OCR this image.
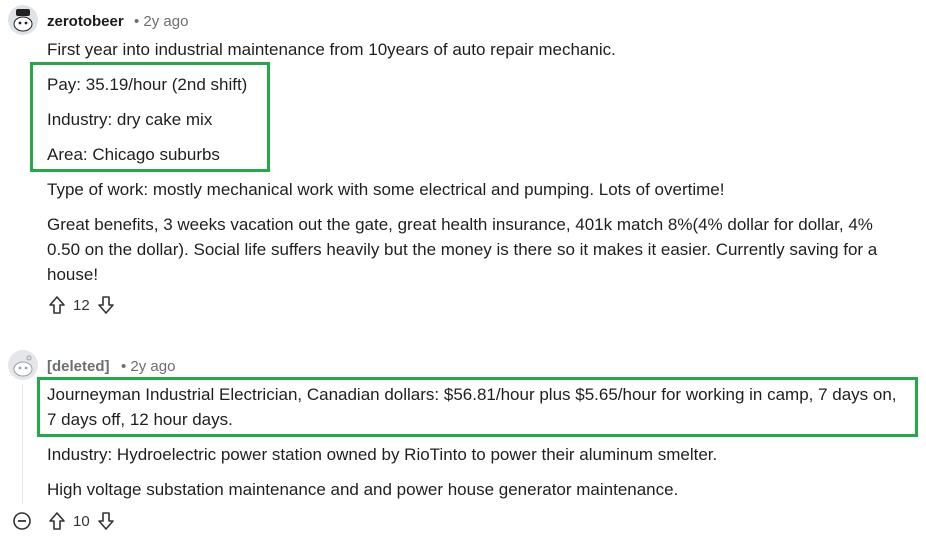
zerotobeer • 2y ago
First year into industrial maintenance from 10years of auto repair mechanic.
Pay: 35.19/hour (2nd shift)
Industry: dry cake mix
Area: Chicago suburbs
Type of work: mostly mechanical work with some electrical and pumping. Lots of overtime!
Great benefits, 3 weeks vacation out the gate, great health insurance, 401k match 8%(4% dollar for dollar, 4%
0.50 on the dollar). Social life suffers heavily but the money is there so it makes it easier. Currently saving for a
house!
12
[deleted] • 2y ago
Journeyman Industrial Electrician, Canadian dollars: $56.81/hour plus $5.65/hour for working in camp, 7 days on,
7 days off, 12 hour days.
Industry: Hydroelectric power station owned by RioTinto to power their aluminum smelter.
High voltage substation maintenance and and power house generator maintenance.
10
